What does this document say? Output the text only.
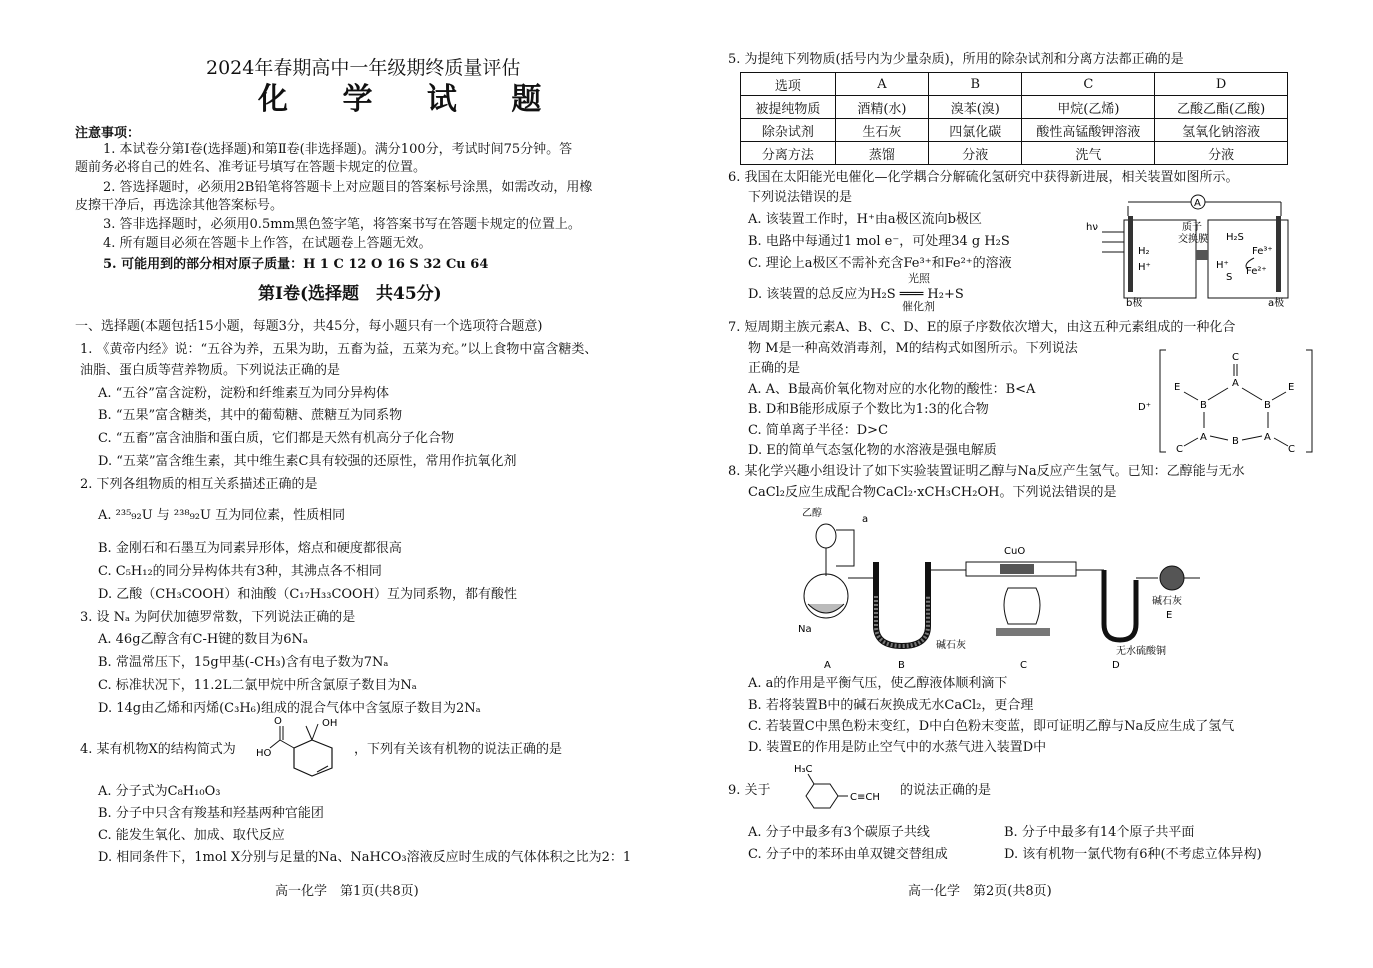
2024年春期高中一年级期终质量评估
化 学 试 题
注意事项：
1. 本试卷分第Ⅰ卷(选择题)和第Ⅱ卷(非选择题)。满分100分，考试时间75分钟。答
题前务必将自己的姓名、准考证号填写在答题卡规定的位置。
2. 答选择题时，必须用2B铅笔将答题卡上对应题目的答案标号涂黑，如需改动，用橡
皮擦干净后，再选涂其他答案标号。
3. 答非选择题时，必须用0.5mm黑色签字笔，将答案书写在答题卡规定的位置上。
4. 所有题目必须在答题卡上作答，在试题卷上答题无效。
5. 可能用到的部分相对原子质量：H 1 C 12 O 16 S 32 Cu 64
第Ⅰ卷(选择题　共45分)
一、选择题(本题包括15小题，每题3分，共45分，每小题只有一个选项符合题意)
1. 《黄帝内经》说：“五谷为养，五果为助，五畜为益，五菜为充。”以上食物中富含糖类、
油脂、蛋白质等营养物质。下列说法正确的是
A. “五谷”富含淀粉，淀粉和纤维素互为同分异构体
B. “五果”富含糖类，其中的葡萄糖、蔗糖互为同系物
C. “五畜”富含油脂和蛋白质，它们都是天然有机高分子化合物
D. “五菜”富含维生素，其中维生素C具有较强的还原性，常用作抗氧化剂
2. 下列各组物质的相互关系描述正确的是
A. ²³⁵₉₂U 与 ²³⁸₉₂U 互为同位素，性质相同
B. 金刚石和石墨互为同素异形体，熔点和硬度都很高
C. C₅H₁₂的同分异构体共有3种，其沸点各不相同
D. 乙酸（CH₃COOH）和油酸（C₁₇H₃₃COOH）互为同系物，都有酸性
3. 设 Nₐ 为阿伏加德罗常数，下列说法正确的是
A. 46g乙醇含有C-H键的数目为6Nₐ
B. 常温常压下，15g甲基(-CH₃)含有电子数为7Nₐ
C. 标准状况下，11.2L二氯甲烷中所含氯原子数目为Nₐ
D. 14g由乙烯和丙烯(C₃H₆)组成的混合气体中含氢原子数目为2Nₐ
4. 某有机物X的结构简式为
OH
O
HO	，下列有关该有机物的说法正确的是
A. 分子式为C₈H₁₀O₃
B. 分子中只含有羧基和羟基两种官能团
C. 能发生氧化、加成、取代反应
D. 相同条件下，1mol X分别与足量的Na、NaHCO₃溶液反应时生成的气体体积之比为2：1
高一化学　第1页(共8页)
5. 为提纯下列物质(括号内为少量杂质)，所用的除杂试剂和分离方法都正确的是
选项	A	B	C	D
被提纯物质	酒精(水)	溴苯(溴)	甲烷(乙烯)	乙酸乙酯(乙酸)
除杂试剂	生石灰	四氯化碳	酸性高锰酸钾溶液	氢氧化钠溶液
分离方法	蒸馏	分液	洗气	分液
6. 我国在太阳能光电催化—化学耦合分解硫化氢研究中获得新进展，相关装置如图所示。
下列说法错误的是
A. 该装置工作时，H⁺由a极区流向b极区
B. 电路中每通过1 mol e⁻，可处理34 g H₂S
C. 理论上a极区不需补充含Fe³⁺和Fe²⁺的溶液
D. 该装置的总反应为H₂S ═══ H₂+S
光照
催化剂
A
hν	质子
交换膜
H₂
H⁺
H₂S
H⁺
S
Fe³⁺
Fe²⁺
b极	a极
7. 短周期主族元素A、B、C、D、E的原子序数依次增大，由这五种元素组成的一种化合
物 M是一种高效消毒剂，M的结构式如图所示。下列说法
正确的是
A. A、B最高价氧化物对应的水化物的酸性：B<A
B. D和B能形成原子个数比为1:3的化合物
C. 简单离子半径：D>C
D. E的简单气态氢化物的水溶液是强电解质
D⁺
C
A
B	B
E	E
A	A
B
C	C
8. 某化学兴趣小组设计了如下实验装置证明乙醇与Na反应产生氢气。已知：乙醇能与无水
CaCl₂反应生成配合物CaCl₂·xCH₃CH₂OH。下列说法错误的是
乙醇
a
Na
碱石灰
CuO
无水硫酸铜
碱石灰
E
A	B	C	D
A. a的作用是平衡气压，使乙醇液体顺利滴下
B. 若将装置B中的碱石灰换成无水CaCl₂，更合理
C. 若装置C中黑色粉末变红，D中白色粉末变蓝，即可证明乙醇与Na反应生成了氢气
D. 装置E的作用是防止空气中的水蒸气进入装置D中
9. 关于
H₃C
C≡CH 的说法正确的是
A. 分子中最多有3个碳原子共线	B. 分子中最多有14个原子共平面
C. 分子中的苯环由单双键交替组成	D. 该有机物一氯代物有6种(不考虑立体异构)
高一化学　第2页(共8页)
